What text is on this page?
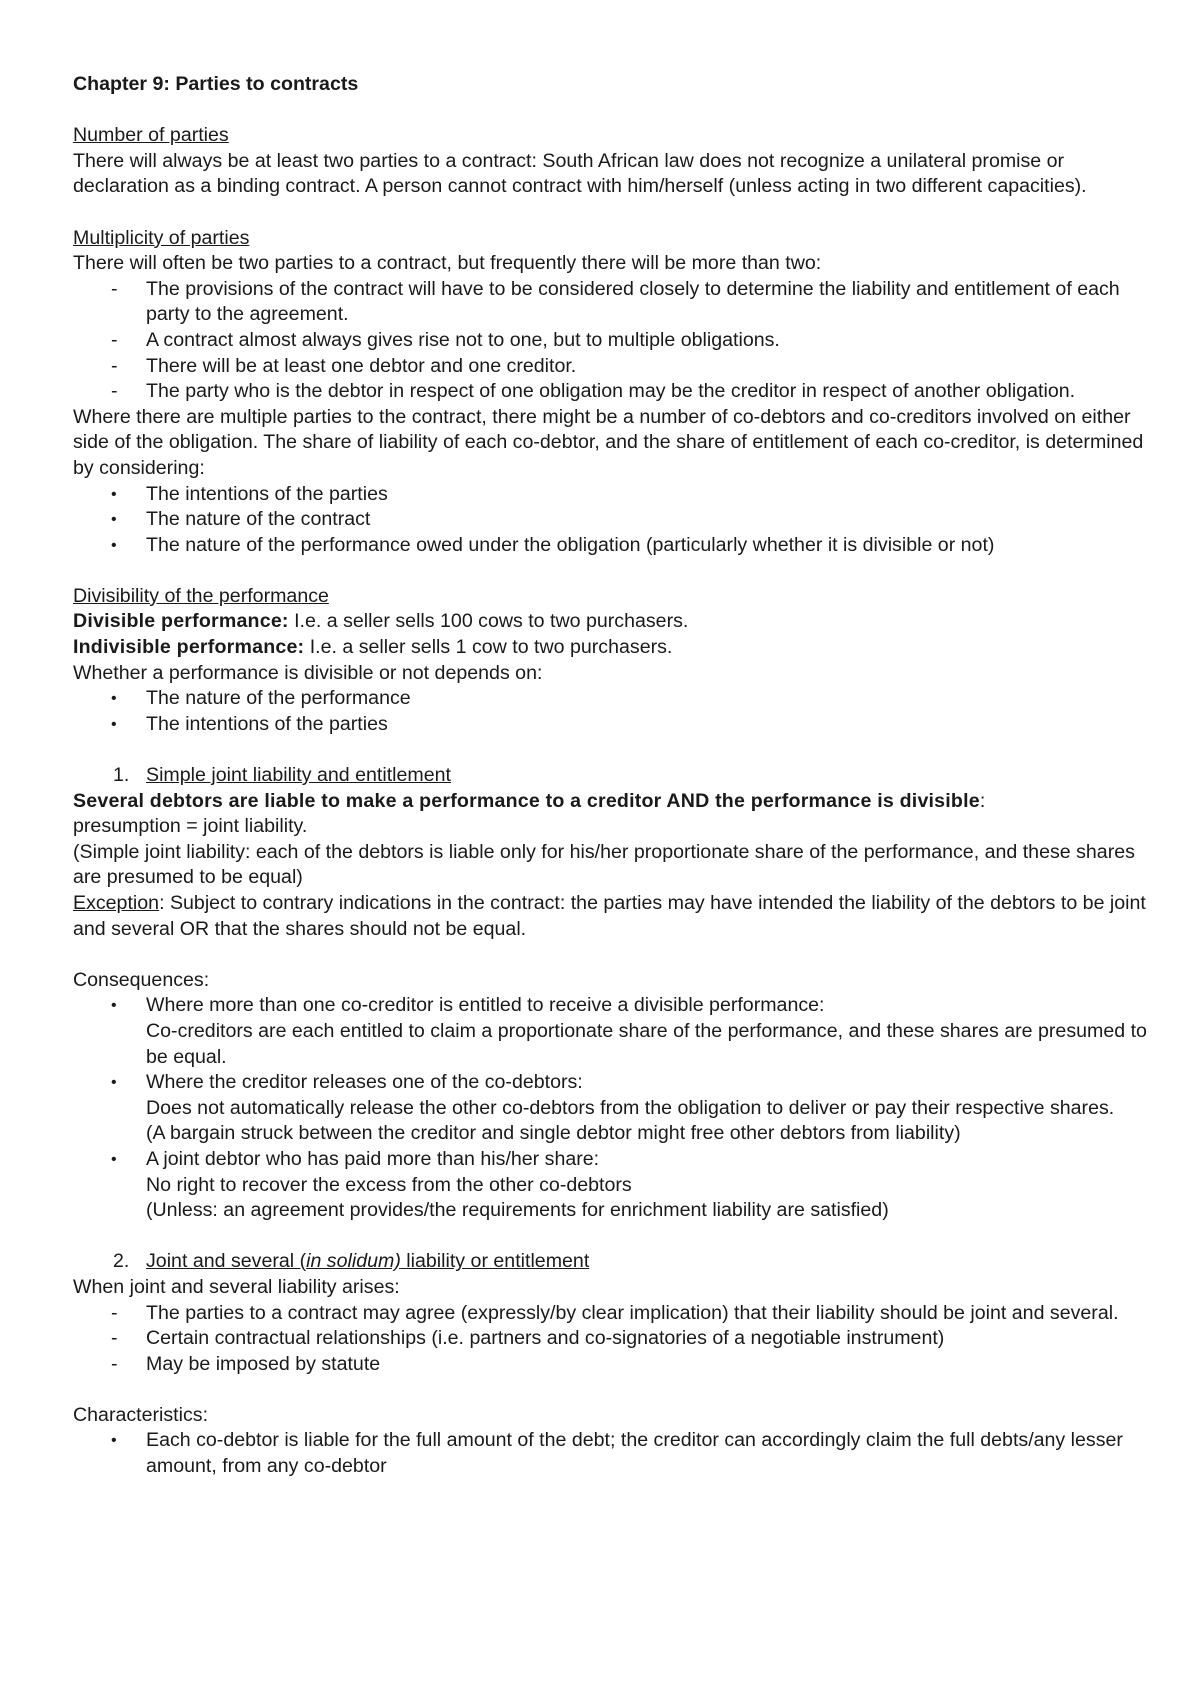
Chapter 9: Parties to contracts
Number of parties
There will always be at least two parties to a contract: South African law does not recognize a unilateral promise or declaration as a binding contract. A person cannot contract with him/herself (unless acting in two different capacities).
Multiplicity of parties
There will often be two parties to a contract, but frequently there will be more than two:
-	The provisions of the contract will have to be considered closely to determine the liability and entitlement of each party to the agreement.
-	A contract almost always gives rise not to one, but to multiple obligations.
-	There will be at least one debtor and one creditor.
-	The party who is the debtor in respect of one obligation may be the creditor in respect of another obligation.
Where there are multiple parties to the contract, there might be a number of co-debtors and co-creditors involved on either side of the obligation. The share of liability of each co-debtor, and the share of entitlement of each co-creditor, is determined by considering:
•	The intentions of the parties
•	The nature of the contract
•	The nature of the performance owed under the obligation (particularly whether it is divisible or not)
Divisibility of the performance
Divisible performance: I.e. a seller sells 100 cows to two purchasers.
Indivisible performance: I.e. a seller sells 1 cow to two purchasers.
Whether a performance is divisible or not depends on:
•	The nature of the performance
•	The intentions of the parties
1. Simple joint liability and entitlement
Several debtors are liable to make a performance to a creditor AND the performance is divisible:
presumption = joint liability.
(Simple joint liability: each of the debtors is liable only for his/her proportionate share of the performance, and these shares are presumed to be equal)
Exception: Subject to contrary indications in the contract: the parties may have intended the liability of the debtors to be joint and several OR that the shares should not be equal.
Consequences:
•	Where more than one co-creditor is entitled to receive a divisible performance:
Co-creditors are each entitled to claim a proportionate share of the performance, and these shares are presumed to be equal.
•	Where the creditor releases one of the co-debtors:
Does not automatically release the other co-debtors from the obligation to deliver or pay their respective shares.
(A bargain struck between the creditor and single debtor might free other debtors from liability)
•	A joint debtor who has paid more than his/her share:
No right to recover the excess from the other co-debtors
(Unless: an agreement provides/the requirements for enrichment liability are satisfied)
2. Joint and several (in solidum) liability or entitlement
When joint and several liability arises:
-	The parties to a contract may agree (expressly/by clear implication) that their liability should be joint and several.
-	Certain contractual relationships (i.e. partners and co-signatories of a negotiable instrument)
-	May be imposed by statute
Characteristics:
•	Each co-debtor is liable for the full amount of the debt; the creditor can accordingly claim the full debts/any lesser amount, from any co-debtor
